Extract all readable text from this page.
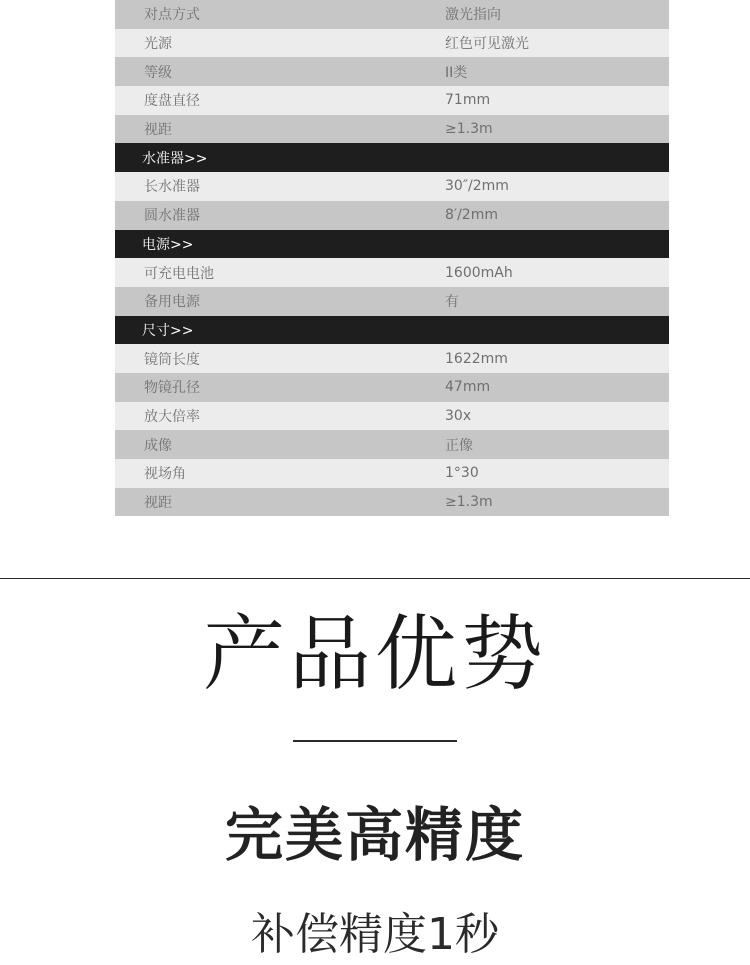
对点方式	激光指向
光源	红色可见激光
等级	II类
度盘直径	71mm
视距	≥1.3m
水准器>>
长水准器	30″/2mm
圆水准器	8′/2mm
电源>>
可充电电池	1600mAh
备用电源	有
尺寸>>
镜筒长度	1622mm
物镜孔径	47mm
放大倍率	30x
成像	正像
视场角	1°30
视距	≥1.3m
产品优势
完美高精度
补偿精度1秒
